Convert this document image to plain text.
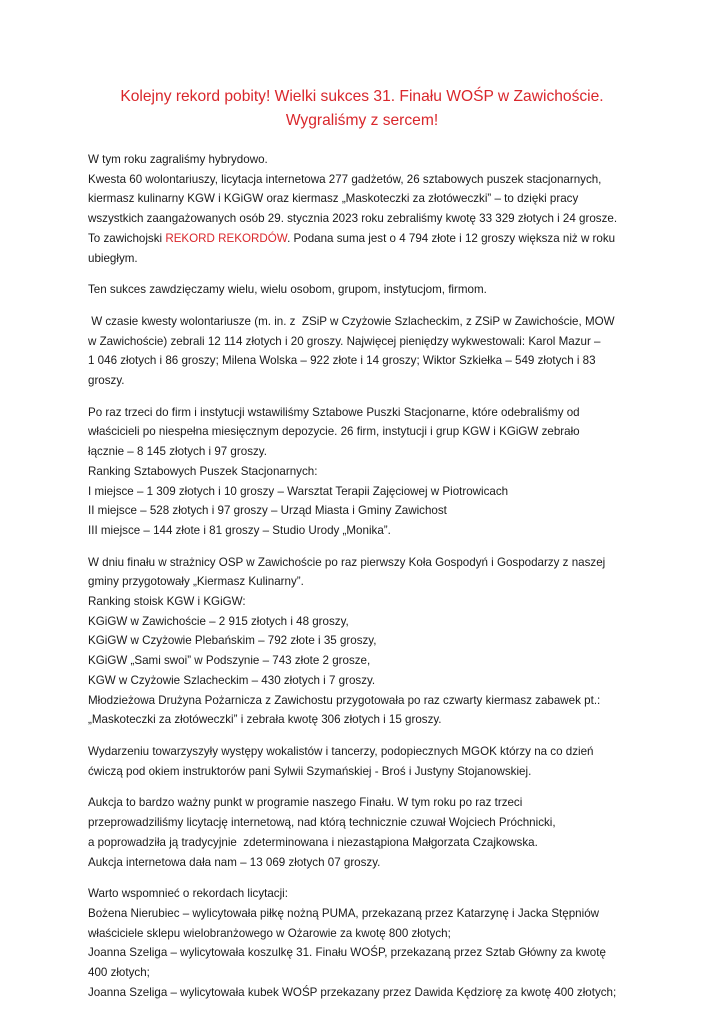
Kolejny rekord pobity! Wielki sukces 31. Finału WOŚP w Zawichoście.
Wygraliśmy z sercem!
W tym roku zagraliśmy hybrydowo.
Kwesta 60 wolontariuszy, licytacja internetowa 277 gadżetów, 26 sztabowych puszek stacjonarnych,
kiermasz kulinarny KGW i KGiGW oraz kiermasz „Maskoteczki za złotóweczki” – to dzięki pracy
wszystkich zaangażowanych osób 29. stycznia 2023 roku zebraliśmy kwotę 33 329 złotych i 24 grosze.
To zawichojski REKORD REKORDÓW. Podana suma jest o 4 794 złote i 12 groszy większa niż w roku
ubiegłym.
Ten sukces zawdzięczamy wielu, wielu osobom, grupom, instytucjom, firmom.
W czasie kwesty wolontariusze (m. in. z  ZSiP w Czyżowie Szlacheckim, z ZSiP w Zawichoście, MOW
w Zawichoście) zebrali 12 114 złotych i 20 groszy. Najwięcej pieniędzy wykwestowali: Karol Mazur –
1 046 złotych i 86 groszy; Milena Wolska – 922 złote i 14 groszy; Wiktor Szkiełka – 549 złotych i 83
groszy.
Po raz trzeci do firm i instytucji wstawiliśmy Sztabowe Puszki Stacjonarne, które odebraliśmy od
właścicieli po niespełna miesięcznym depozycie. 26 firm, instytucji i grup KGW i KGiGW zebrało
łącznie – 8 145 złotych i 97 groszy.
Ranking Sztabowych Puszek Stacjonarnych:
I miejsce – 1 309 złotych i 10 groszy – Warsztat Terapii Zajęciowej w Piotrowicach
II miejsce – 528 złotych i 97 groszy – Urząd Miasta i Gminy Zawichost
III miejsce – 144 złote i 81 groszy – Studio Urody „Monika”.
W dniu finału w strażnicy OSP w Zawichoście po raz pierwszy Koła Gospodyń i Gospodarzy z naszej
gminy przygotowały „Kiermasz Kulinarny”.
Ranking stoisk KGW i KGiGW:
KGiGW w Zawichoście – 2 915 złotych i 48 groszy,
KGiGW w Czyżowie Plebańskim – 792 złote i 35 groszy,
KGiGW „Sami swoi” w Podszynie – 743 złote 2 grosze,
KGW w Czyżowie Szlacheckim – 430 złotych i 7 groszy.
Młodzieżowa Drużyna Pożarnicza z Zawichostu przygotowała po raz czwarty kiermasz zabawek pt.:
„Maskoteczki za złotóweczki” i zebrała kwotę 306 złotych i 15 groszy.
Wydarzeniu towarzyszyły występy wokalistów i tancerzy, podopiecznych MGOK którzy na co dzień
ćwiczą pod okiem instruktorów pani Sylwii Szymańskiej - Broś i Justyny Stojanowskiej.
Aukcja to bardzo ważny punkt w programie naszego Finału. W tym roku po raz trzeci
przeprowadziliśmy licytację internetową, nad którą technicznie czuwał Wojciech Próchnicki,
a poprowadziła ją tradycyjnie  zdeterminowana i niezastąpiona Małgorzata Czajkowska.
Aukcja internetowa dała nam – 13 069 złotych 07 groszy.
Warto wspomnieć o rekordach licytacji:
Bożena Nierubiec – wylicytowała piłkę nożną PUMA, przekazaną przez Katarzynę i Jacka Stępniów
właściciele sklepu wielobranżowego w Ożarowie za kwotę 800 złotych;
Joanna Szeliga – wylicytowała koszulkę 31. Finału WOŚP, przekazaną przez Sztab Główny za kwotę
400 złotych;
Joanna Szeliga – wylicytowała kubek WOŚP przekazany przez Dawida Kędziorę za kwotę 400 złotych;
